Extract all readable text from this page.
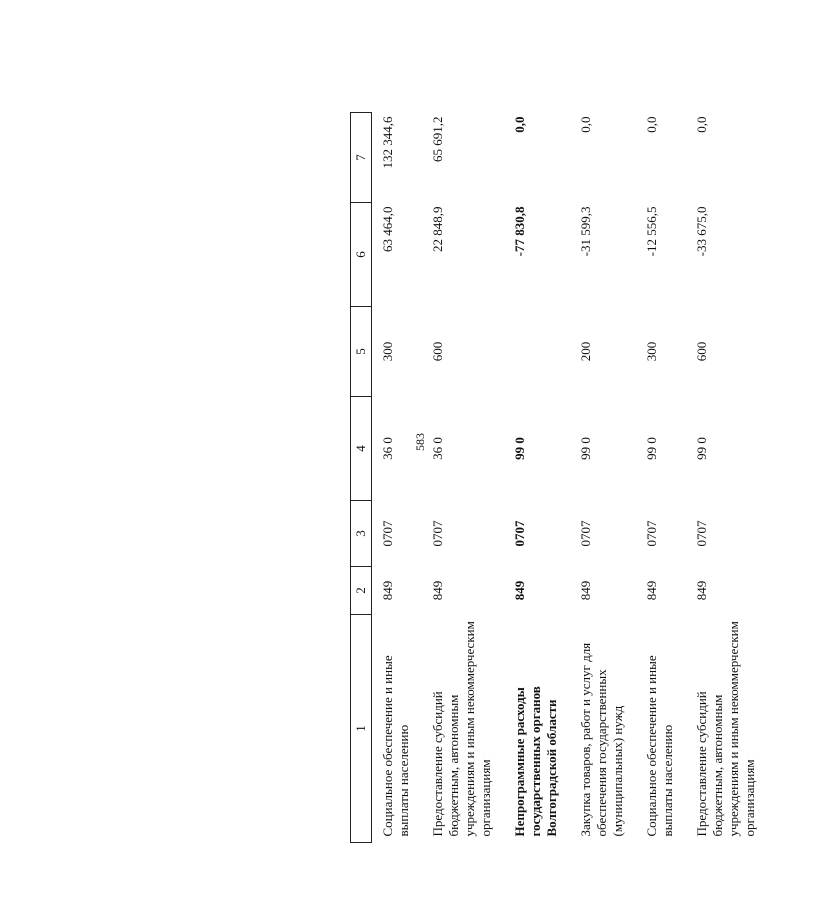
583
1	2	3	4	5	6	7
Социальное обеспечение и иные выплаты населению	849	0707	36 0	300	63 464,0	132 344,6
Предоставление субсидий бюджетным, автономным учреждениям и иным некоммерческим организациям	849	0707	36 0	600	22 848,9	65 691,2
Непрограммные расходы государственных органов Волгоградской области	849	0707	99 0		-77 830,8	0,0
Закупка товаров, работ и услуг для обеспечения государственных (муниципальных) нужд	849	0707	99 0	200	-31 599,3	0,0
Социальное обеспечение и иные выплаты населению	849	0707	99 0	300	-12 556,5	0,0
Предоставление субсидий бюджетным, автономным учреждениям и иным некоммерческим организациям	849	0707	99 0	600	-33 675,0	0,0
